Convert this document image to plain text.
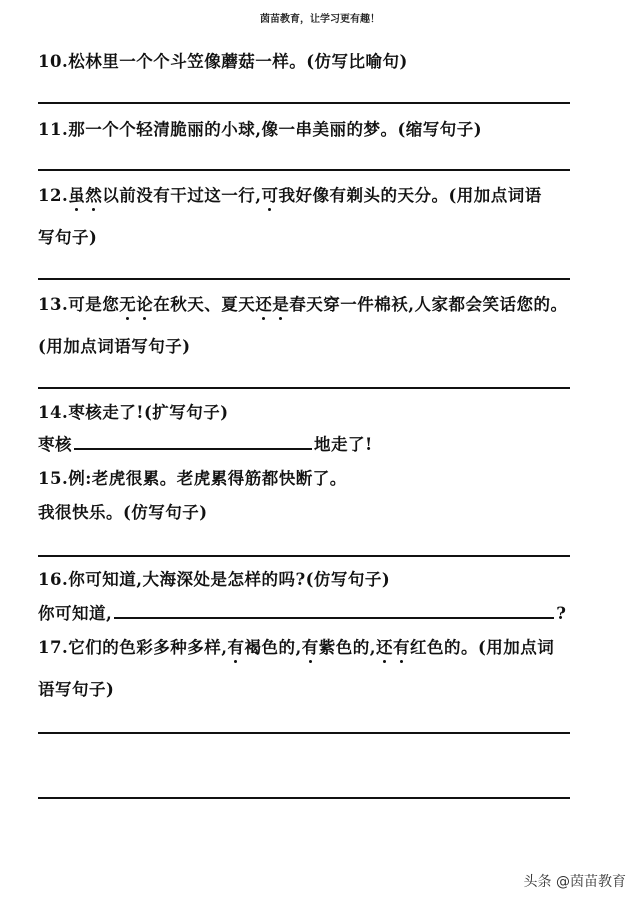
茵苗教育，让学习更有趣！
10.松林里一个个斗笠像蘑菇一样。(仿写比喻句)
11.那一个个轻清脆丽的小球,像一串美丽的梦。(缩写句子)
12.虽然以前没有干过这一行,可我好像有剃头的天分。(用加点词语
写句子)
13.可是您无论在秋天、夏天还是春天穿一件棉袄,人家都会笑话您的。
(用加点词语写句子)
14.枣核走了!(扩写句子)
枣核	地走了!
15.例:老虎很累。老虎累得筋都快断了。
我很快乐。(仿写句子)
16.你可知道,大海深处是怎样的吗?(仿写句子)
你可知道,	?
17.它们的色彩多种多样,有褐色的,有紫色的,还有红色的。(用加点词
语写句子)
头条 @茵苗教育
